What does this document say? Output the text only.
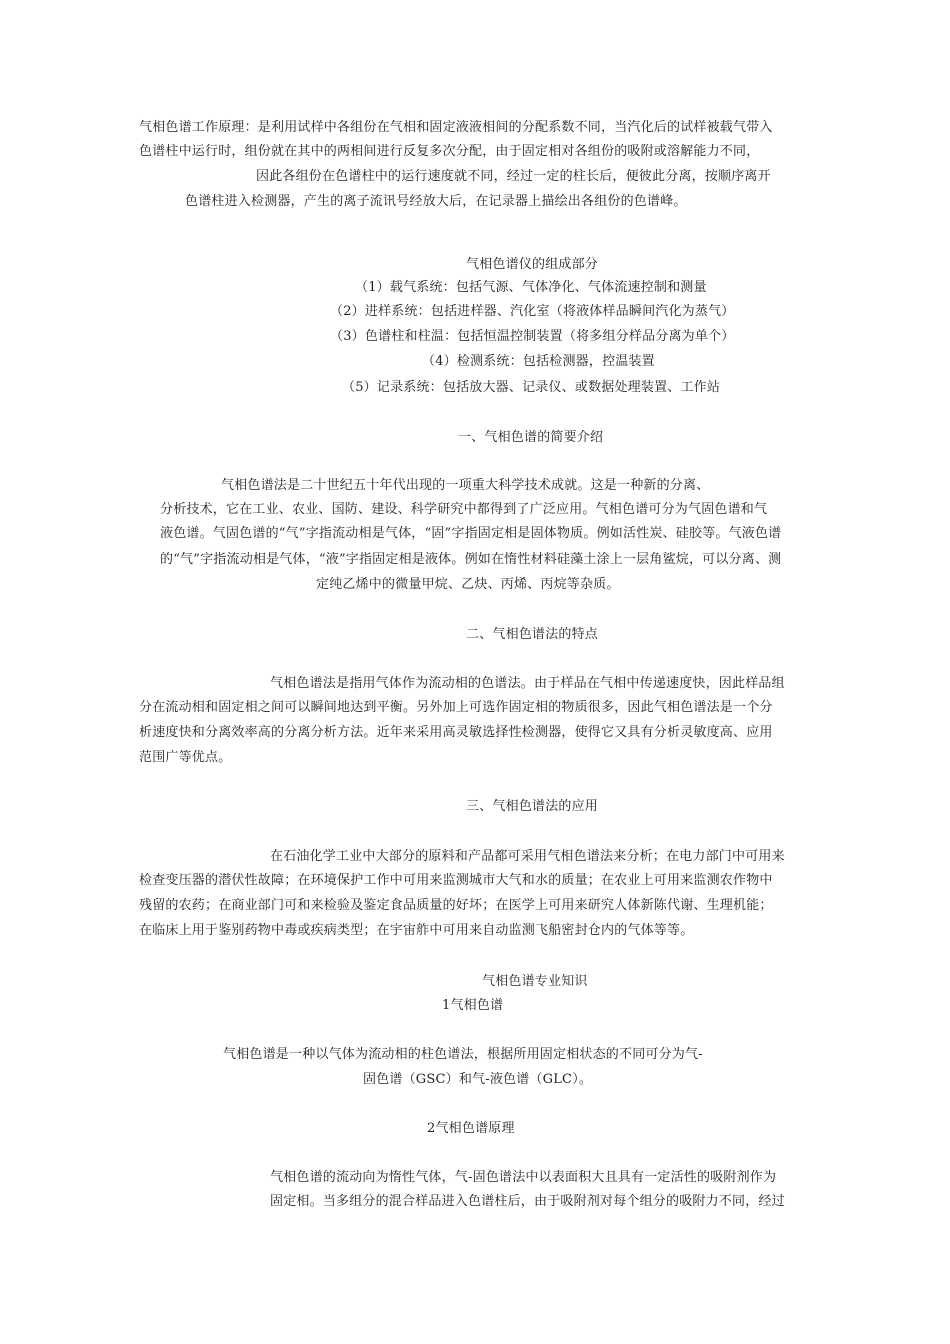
气相色谱工作原理：是利用试样中各组份在气相和固定液液相间的分配系数不同，当汽化后的试样被载气带入
色谱柱中运行时，组份就在其中的两相间进行反复多次分配，由于固定相对各组份的吸附或溶解能力不同，
因此各组份在色谱柱中的运行速度就不同，经过一定的柱长后，便彼此分离，按顺序离开
色谱柱进入检测器，产生的离子流讯号经放大后，在记录器上描绘出各组份的色谱峰。
气相色谱仪的组成部分
（1）载气系统：包括气源、气体净化、气体流速控制和测量
（2）进样系统：包括进样器、汽化室（将液体样品瞬间汽化为蒸气）
（3）色谱柱和柱温：包括恒温控制装置（将多组分样品分离为单个）
（4）检测系统：包括检测器，控温装置
（5）记录系统：包括放大器、记录仪、或数据处理装置、工作站
一、气相色谱的简要介绍
气相色谱法是二十世纪五十年代出现的一项重大科学技术成就。这是一种新的分离、
分析技术，它在工业、农业、国防、建设、科学研究中都得到了广泛应用。气相色谱可分为气固色谱和气
液色谱。气固色谱的“气”字指流动相是气体，“固”字指固定相是固体物质。例如活性炭、硅胶等。气液色谱
的“气”字指流动相是气体，“液”字指固定相是液体。例如在惰性材料硅藻土涂上一层角鲨烷，可以分离、测
定纯乙烯中的微量甲烷、乙炔、丙烯、丙烷等杂质。
二、气相色谱法的特点
气相色谱法是指用气体作为流动相的色谱法。由于样品在气相中传递速度快，因此样品组
分在流动相和固定相之间可以瞬间地达到平衡。另外加上可选作固定相的物质很多，因此气相色谱法是一个分
析速度快和分离效率高的分离分析方法。近年来采用高灵敏选择性检测器，使得它又具有分析灵敏度高、应用
范围广等优点。
三、气相色谱法的应用
在石油化学工业中大部分的原料和产品都可采用气相色谱法来分析；在电力部门中可用来
检查变压器的潜伏性故障；在环境保护工作中可用来监测城市大气和水的质量；在农业上可用来监测农作物中
残留的农药；在商业部门可和来检验及鉴定食品质量的好坏；在医学上可用来研究人体新陈代谢、生理机能；
在临床上用于鉴别药物中毒或疾病类型；在宇宙舴中可用来自动监测飞船密封仓内的气体等等。
气相色谱专业知识
1气相色谱
气相色谱是一种以气体为流动相的柱色谱法，根据所用固定相状态的不同可分为气-
固色谱（GSC）和气-液色谱（GLC）。
2气相色谱原理
气相色谱的流动向为惰性气体，气-固色谱法中以表面积大且具有一定活性的吸附剂作为
固定相。当多组分的混合样品进入色谱柱后，由于吸附剂对每个组分的吸附力不同，经过
